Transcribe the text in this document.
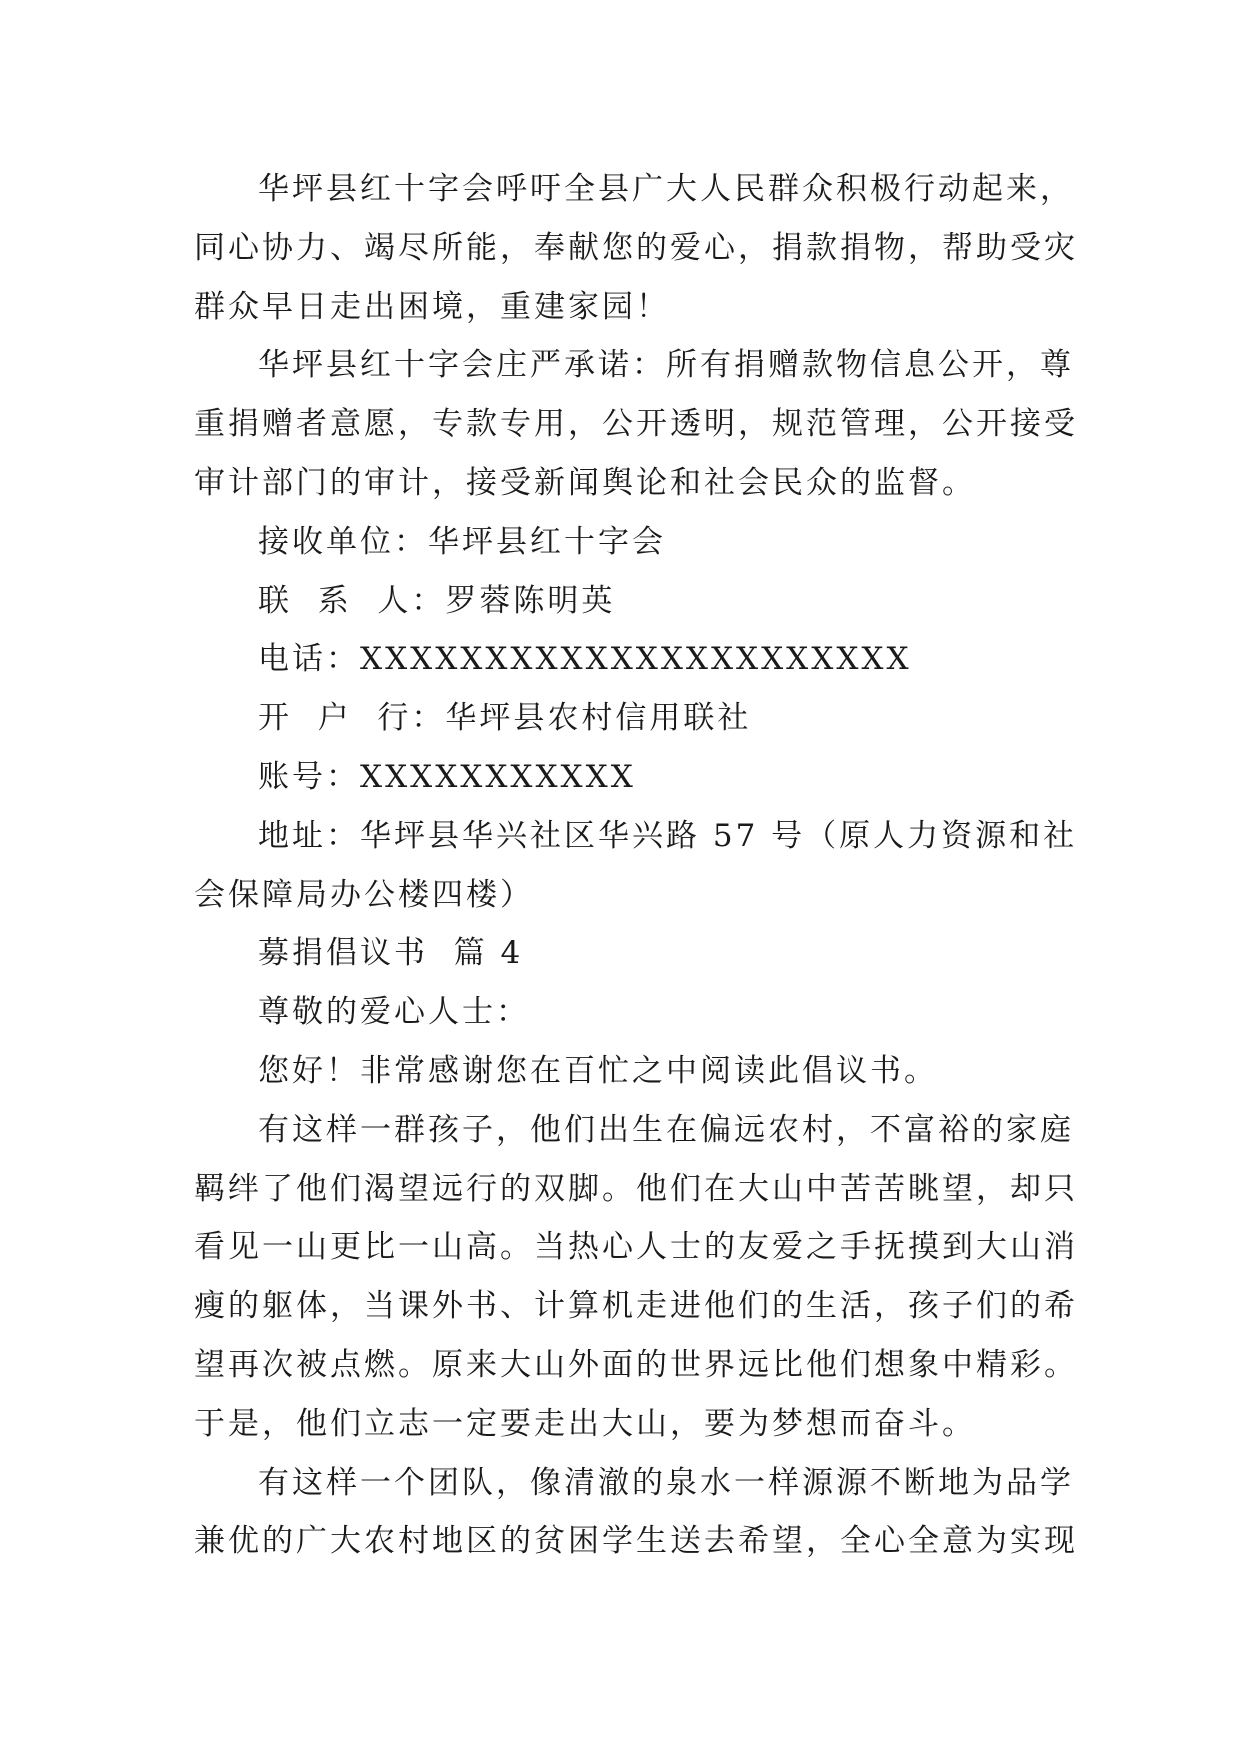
华坪县红十字会呼吁全县广大人民群众积极行动起来，
同心协力、竭尽所能，奉献您的爱心，捐款捐物，帮助受灾
群众早日走出困境，重建家园！
华坪县红十字会庄严承诺：所有捐赠款物信息公开，尊
重捐赠者意愿，专款专用，公开透明，规范管理，公开接受
审计部门的审计，接受新闻舆论和社会民众的监督。
接收单位：华坪县红十字会
联  系  人：罗蓉陈明英
电话：XXXXXXXXXXXXXXXXXXXXXX
开  户  行：华坪县农村信用联社
账号：XXXXXXXXXXX
地址：华坪县华兴社区华兴路 57 号（原人力资源和社
会保障局办公楼四楼）
募捐倡议书  篇 4
尊敬的爱心人士：
您好！非常感谢您在百忙之中阅读此倡议书。
有这样一群孩子，他们出生在偏远农村，不富裕的家庭
羁绊了他们渴望远行的双脚。他们在大山中苦苦眺望，却只
看见一山更比一山高。当热心人士的友爱之手抚摸到大山消
瘦的躯体，当课外书、计算机走进他们的生活，孩子们的希
望再次被点燃。原来大山外面的世界远比他们想象中精彩。
于是，他们立志一定要走出大山，要为梦想而奋斗。
有这样一个团队，像清澈的泉水一样源源不断地为品学
兼优的广大农村地区的贫困学生送去希望，全心全意为实现
